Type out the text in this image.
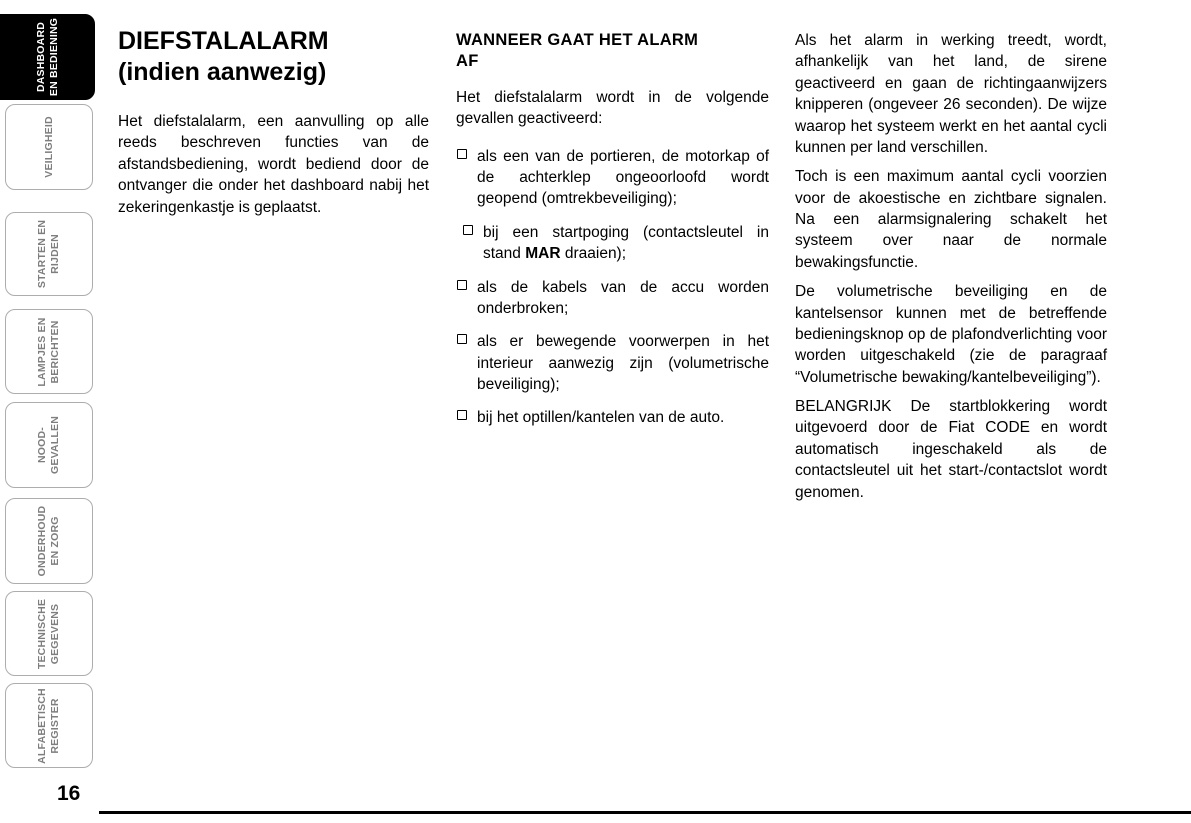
DASHBOARD EN BEDIENING
VEILIGHEID
STARTEN EN RIJDEN
LAMPJES EN BERICHTEN
NOOD- GEVALLEN
ONDERHOUD EN ZORG
TECHNISCHE GEGEVENS
ALFABETISCH REGISTER
DIEFSTALALARM
(indien aanwezig)

Het diefstalalarm, een aanvulling op alle reeds beschreven functies van de afstandsbediening, wordt bediend door de ontvanger die onder het dashboard nabij het zekeringenkastje is geplaatst.

WANNEER GAAT HET ALARM
AF

Het diefstalalarm wordt in de volgende gevallen geactiveerd:

als een van de portieren, de motorkap of de achterklep ongeoorloofd wordt geopend (omtrekbeveiliging);
bij een startpoging (contactsleutel in stand MAR draaien);
als de kabels van de accu worden onderbroken;
als er bewegende voorwerpen in het interieur aanwezig zijn (volumetrische beveiliging);
bij het optillen/kantelen van de auto.

Als het alarm in werking treedt, wordt, afhankelijk van het land, de sirene geactiveerd en gaan de richtingaanwijzers knipperen (ongeveer 26 seconden). De wijze waarop het systeem werkt en het aantal cycli kunnen per land verschillen.

Toch is een maximum aantal cycli voorzien voor de akoestische en zichtbare signalen. Na een alarmsignalering schakelt het systeem over naar de normale bewakingsfunctie.

De volumetrische beveiliging en de kantelsensor kunnen met de betreffende bedieningsknop op de plafondverlichting voor worden uitgeschakeld (zie de paragraaf “Volumetrische bewaking/kantelbeveiliging”).

BELANGRIJK De startblokkering wordt uitgevoerd door de Fiat CODE en wordt automatisch ingeschakeld als de contactsleutel uit het start-/contactslot wordt genomen.

16
